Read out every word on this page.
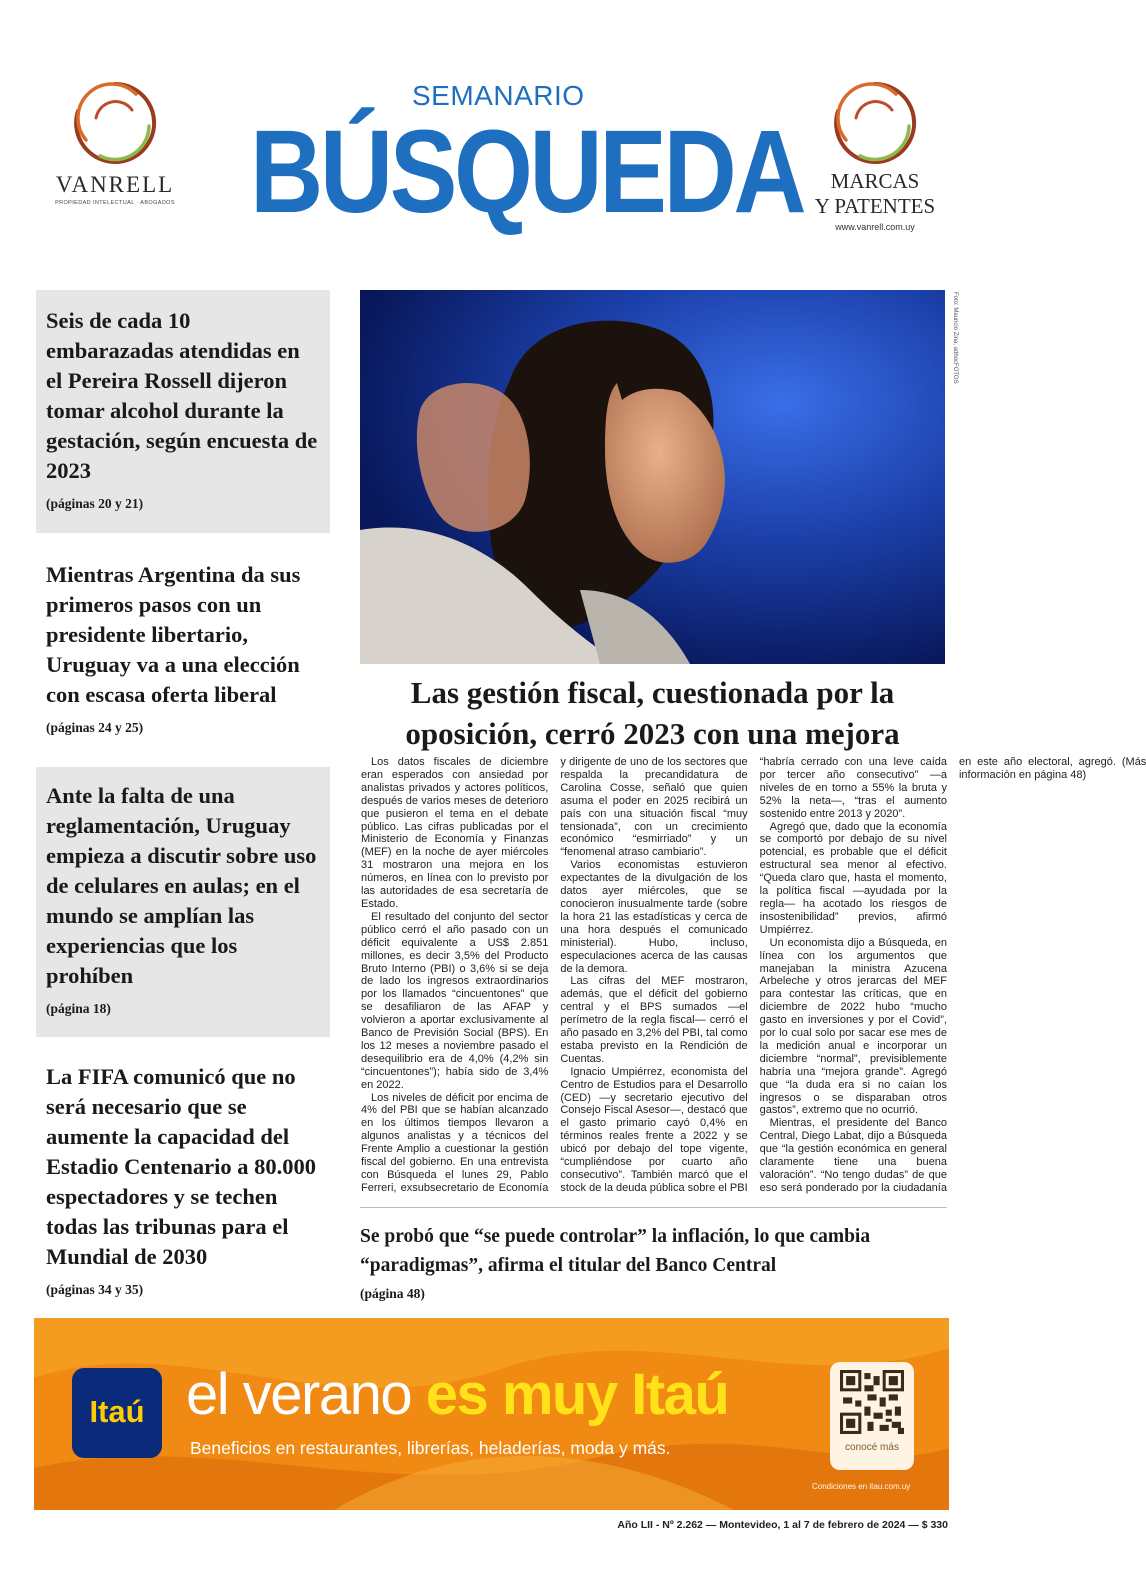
VANRELL
PROPIEDAD INTELECTUAL · ABOGADOS
SEMANARIO
BÚSQUEDA	MARCAS
Y PATENTES
www.vanrell.com.uy
Seis de cada 10 embarazadas atendidas en el Pereira Rossell dijeron tomar alcohol durante la gestación, según encuesta de 2023
(páginas 20 y 21)
Mientras Argentina da sus primeros pasos con un presidente libertario, Uruguay va a una elección con escasa oferta liberal
(páginas 24 y 25)
Ante la falta de una reglamentación, Uruguay empieza a discutir sobre uso de celulares en aulas; en el mundo se amplían las experiencias que los prohíben
(página 18)
La FIFA comunicó que no será necesario que se aumente la capacidad del Estadio Centenario a 80.000 espectadores y se techen todas las tribunas para el Mundial de 2030
(páginas 34 y 35)
Foto: Mauricio Zina, adhocFOTOS
Las gestión fiscal, cuestionada por la oposición, cerró 2023 con una mejora

Los datos fiscales de diciembre eran esperados con ansiedad por analistas privados y actores políticos, después de varios meses de deterioro que pusieron el tema en el debate público. Las cifras publicadas por el Ministerio de Economía y Finanzas (MEF) en la noche de ayer miércoles 31 mostraron una mejora en los números, en línea con lo previsto por las autoridades de esa secretaría de Estado.

El resultado del conjunto del sector público cerró el año pasado con un déficit equivalente a US$ 2.851 millones, es decir 3,5% del Producto Bruto Interno (PBI) o 3,6% si se deja de lado los ingresos extraordinarios por los llamados “cincuentones” que se desafiliaron de las AFAP y volvieron a aportar exclusivamente al Banco de Previsión Social (BPS). En los 12 meses a noviembre pasado el desequilibrio era de 4,0% (4,2% sin “cincuentones”); había sido de 3,4% en 2022.

Los niveles de déficit por encima de 4% del PBI que se habían alcanzado en los últimos tiempos llevaron a algunos analistas y a técnicos del Frente Amplio a cuestionar la gestión fiscal del gobierno. En una entrevista con Búsqueda el lunes 29, Pablo Ferreri, exsubsecretario de Economía y dirigente de uno de los sectores que respalda la precandidatura de Carolina Cosse, señaló que quien asuma el poder en 2025 recibirá un país con una situación fiscal “muy tensionada”, con un crecimiento económico “esmirriado” y un “fenomenal atraso cambiario”.

Varios economistas estuvieron expectantes de la divulgación de los datos ayer miércoles, que se conocieron inusualmente tarde (sobre la hora 21 las estadísticas y cerca de una hora después el comunicado ministerial). Hubo, incluso, especulaciones acerca de las causas de la demora.

Las cifras del MEF mostraron, además, que el déficit del gobierno central y el BPS sumados —el perímetro de la regla fiscal— cerró el año pasado en 3,2% del PBI, tal como estaba previsto en la Rendición de Cuentas.

Ignacio Umpiérrez, economista del Centro de Estudios para el Desarrollo (CED) —y secretario ejecutivo del Consejo Fiscal Asesor—, destacó que el gasto primario cayó 0,4% en términos reales frente a 2022 y se ubicó por debajo del tope vigente, “cumpliéndose por cuarto año consecutivo”. También marcó que el stock de la deuda pública sobre el PBI “habría cerrado con una leve caída por tercer año consecutivo” —a niveles de en torno a 55% la bruta y 52% la neta—, “tras el aumento sostenido entre 2013 y 2020”.

Agregó que, dado que la economía se comportó por debajo de su nivel potencial, es probable que el déficit estructural sea menor al efectivo. “Queda claro que, hasta el momento, la política fiscal —ayudada por la regla— ha acotado los riesgos de insostenibilidad” previos, afirmó Umpiérrez.

Un economista dijo a Búsqueda, en línea con los argumentos que manejaban la ministra Azucena Arbeleche y otros jerarcas del MEF para contestar las críticas, que en diciembre de 2022 hubo “mucho gasto en inversiones y por el Covid”, por lo cual solo por sacar ese mes de la medición anual e incorporar un diciembre “normal”, previsiblemente habría una “mejora grande”. Agregó que “la duda era si no caían los ingresos o se disparaban otros gastos”, extremo que no ocurrió.

Mientras, el presidente del Banco Central, Diego Labat, dijo a Búsqueda que “la gestión económica en general claramente tiene una buena valoración”. “No tengo dudas” de que eso será ponderado por la ciudadanía en este año electoral, agregó. (Más información en página 48)

Se probó que “se puede controlar” la inflación, lo que cambia “paradigmas”, afirma el titular del Banco Central
(página 48)
Itaú el verano es muy Itaú
Beneficios en restaurantes, librerías, heladerías, moda y más.	conocé más
Condiciones en itau.com.uy
Año LII - Nº 2.262 — Montevideo, 1 al 7 de febrero de 2024 — $ 330
